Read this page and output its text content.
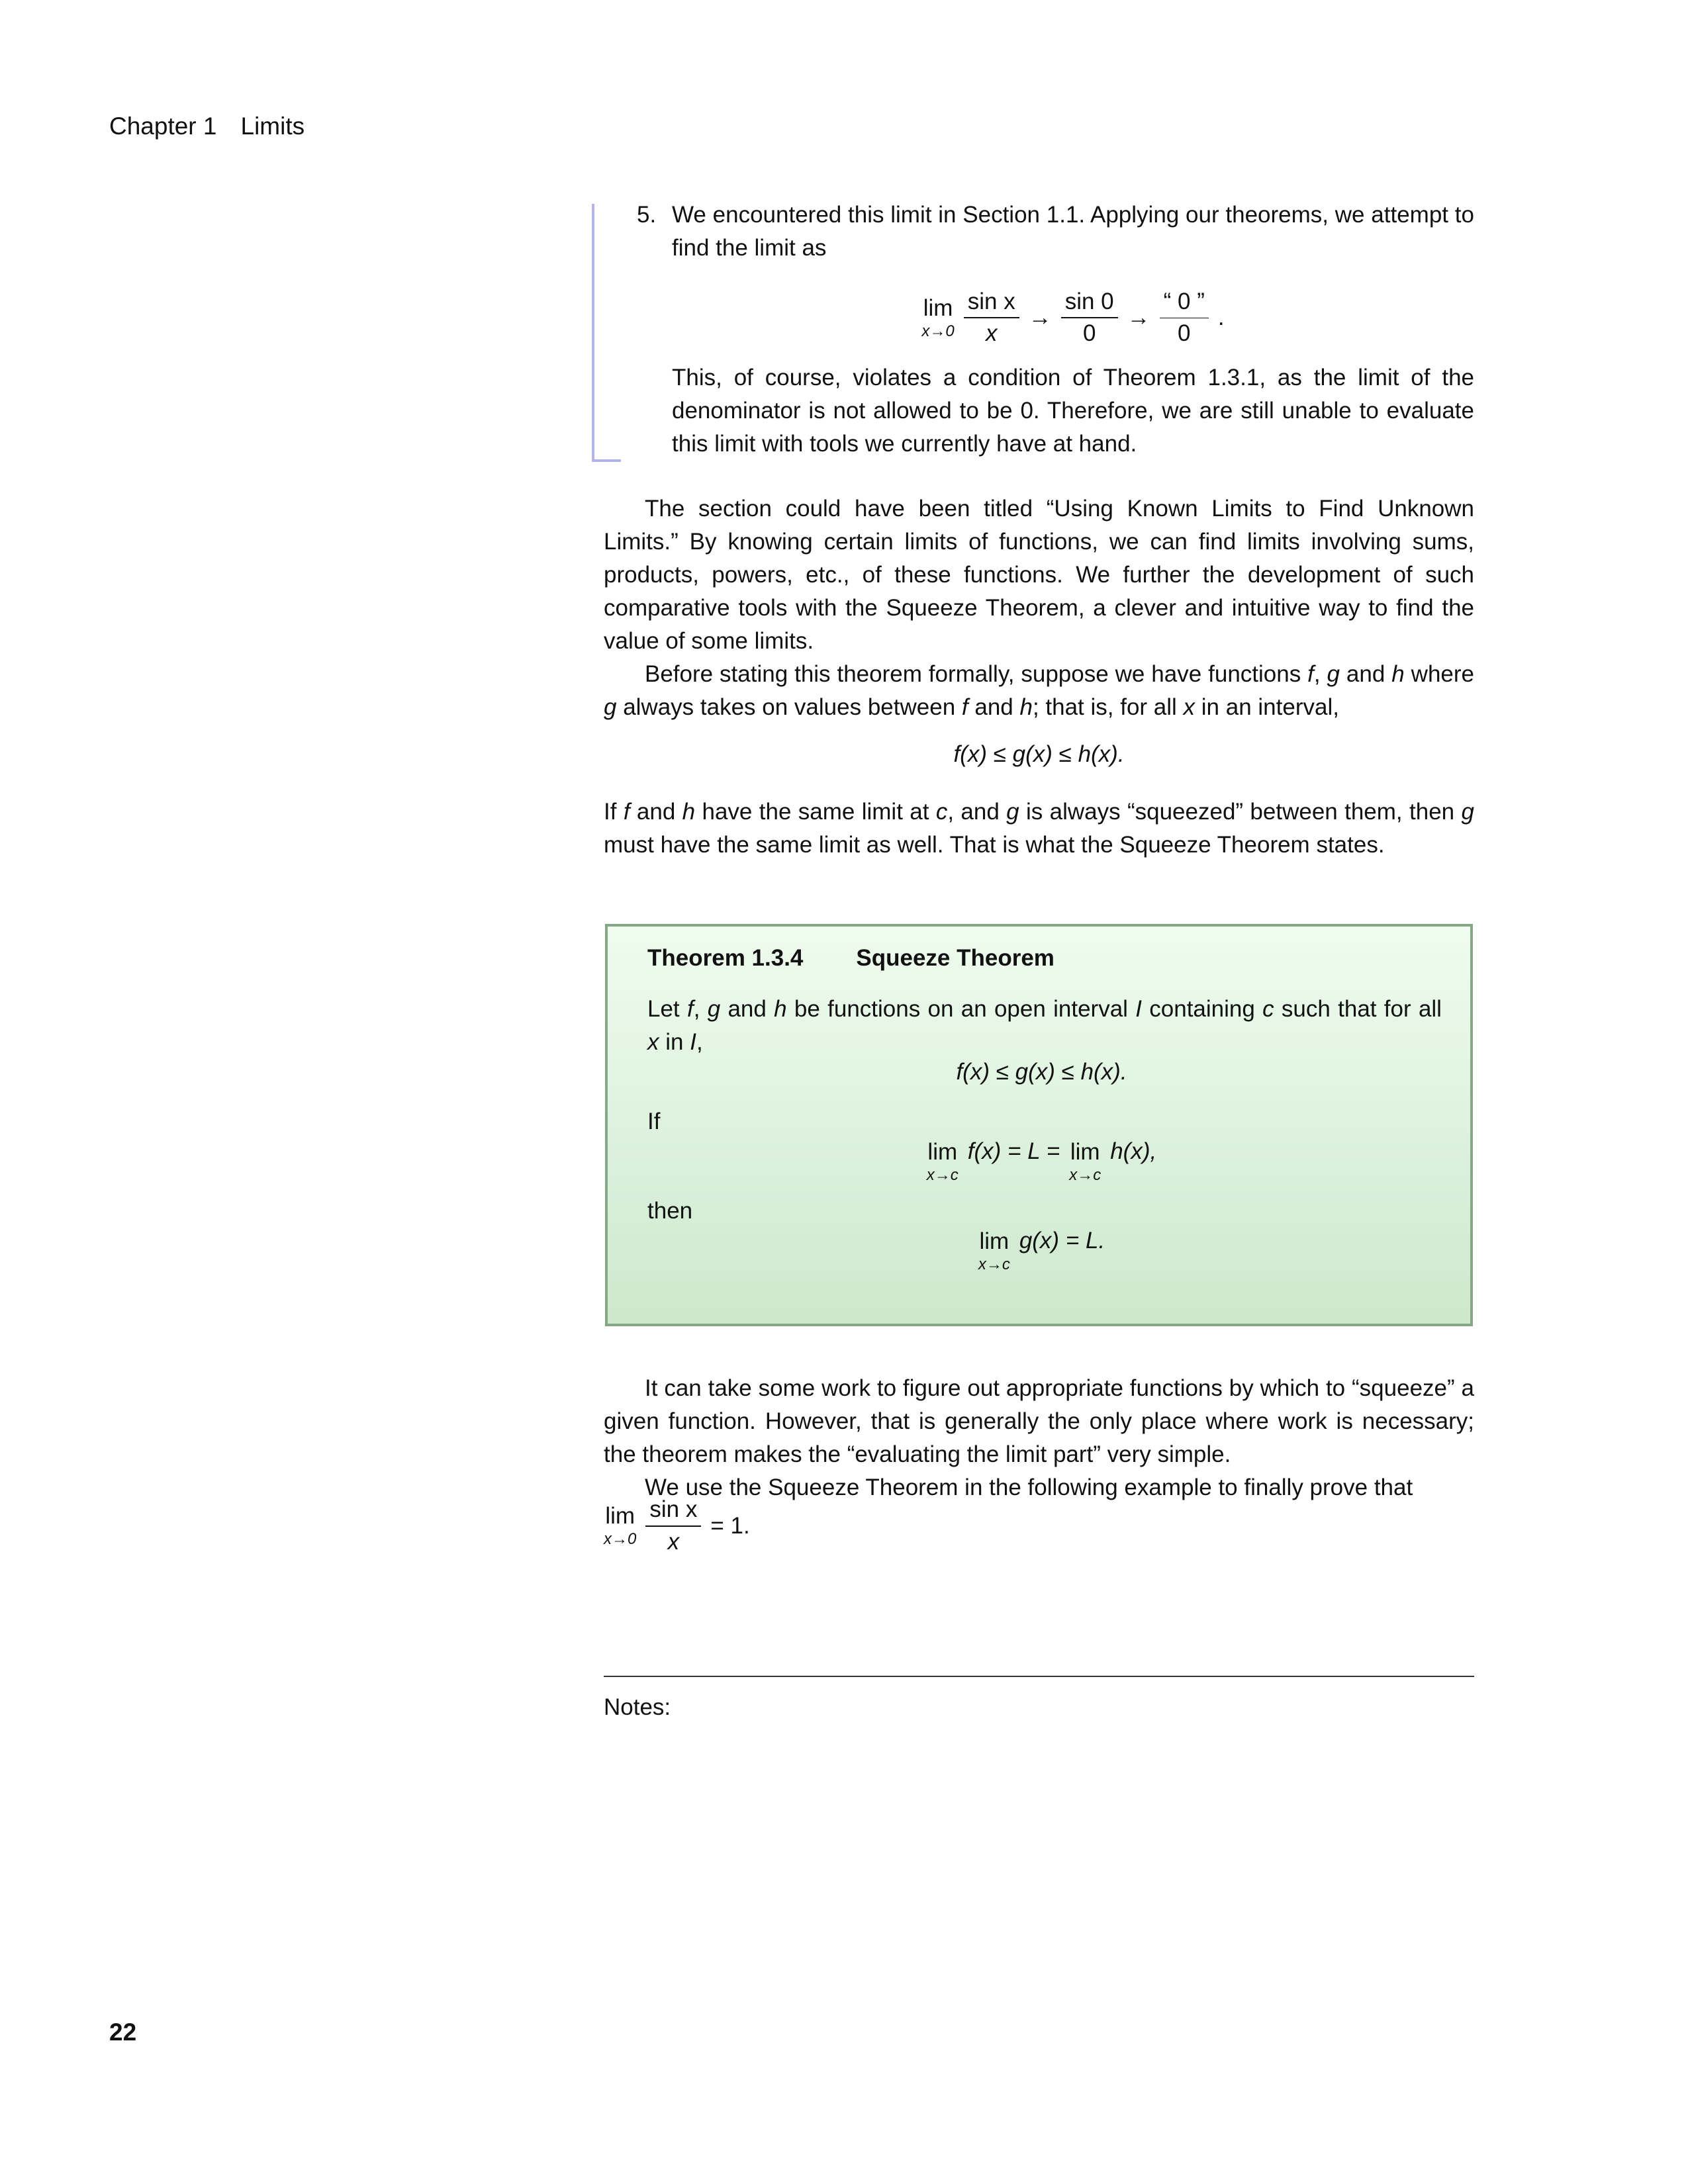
Chapter 1 Limits
5. We encountered this limit in Section 1.1. Applying our theorems, we attempt to find the limit as
lim
$x\to 0 \frac{\text{sin x}}{x} \to \frac{\sin 0}{0} \to \frac{“ 0 ”}{0}$ .
This, of course, violates a condition of Theorem 1.3.1, as the limit of the denominator is not allowed to be 0. Therefore, we are still unable to evaluate this limit with tools we currently have at hand.
The section could have been titled “Using Known Limits to Find Unknown Limits.” By knowing certain limits of functions, we can find limits involving sums, products, powers, etc., of these functions. We further the development of such comparative tools with the Squeeze Theorem, a clever and intuitive way to find the value of some limits.
Before stating this theorem formally, suppose we have functions f, g and h where g always takes on values between f and h; that is, for all x in an interval,
f(x) ≤ g(x) ≤ h(x).
If f and h have the same limit at c, and g is always “squeezed” between them, then g must have the same limit as well. That is what the Squeeze Theorem states.
Theorem 1.3.4 Squeeze Theorem
Let f, g and h be functions on an open interval I containing c such that for all x in I,
f(x) ≤ g(x) ≤ h(x).
If
lim
x→c
f(x) = L = lim
x→c
h(x),
then
lim
x→c
g(x) = L.
It can take some work to figure out appropriate functions by which to “squeeze” a given function. However, that is generally the only place where work is necessary; the theorem makes the “evaluating the limit part” very simple.
We use the Squeeze Theorem in the following example to finally prove that
lim
$x\to 0 \frac{\text{sin x}}{x} = 1$.
Notes:
22
